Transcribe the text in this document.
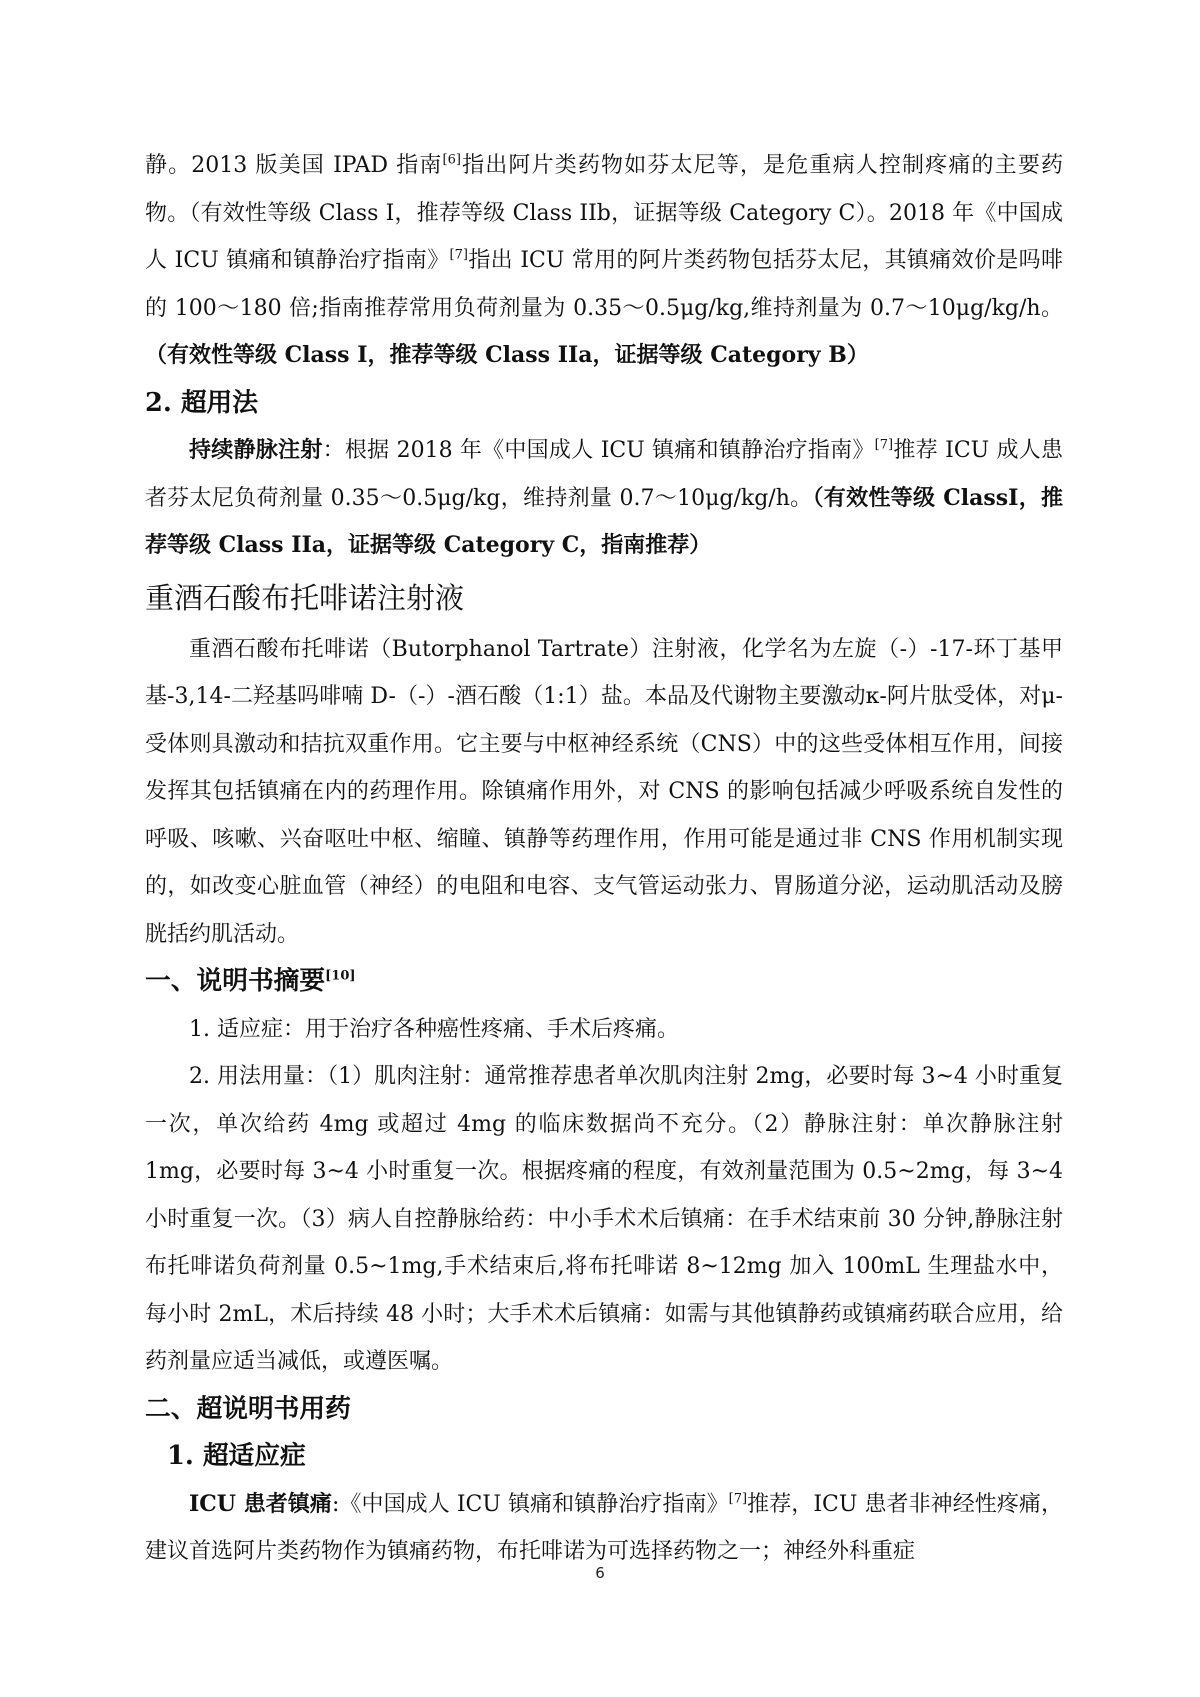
静。2013 版美国 IPAD 指南[6]指出阿片类药物如芬太尼等，是危重病人控制疼痛的主要药物。（有效性等级 Class I，推荐等级 Class IIb，证据等级 Category C）。2018 年《中国成人 ICU 镇痛和镇静治疗指南》[7]指出 ICU 常用的阿片类药物包括芬太尼，其镇痛效价是吗啡的 100～180 倍;指南推荐常用负荷剂量为 0.35～0.5μg/kg,维持剂量为 0.7～10μg/kg/h。（有效性等级 Class I，推荐等级 Class IIa，证据等级 Category B）

2. 超用法

持续静脉注射：根据 2018 年《中国成人 ICU 镇痛和镇静治疗指南》[7]推荐 ICU 成人患者芬太尼负荷剂量 0.35～0.5μg/kg，维持剂量 0.7～10μg/kg/h。（有效性等级 ClassI，推荐等级 Class IIa，证据等级 Category C，指南推荐）

重酒石酸布托啡诺注射液

重酒石酸布托啡诺（Butorphanol Tartrate）注射液，化学名为左旋（-）-17-环丁基甲基-3,14-二羟基吗啡喃 D-（-）-酒石酸（1:1）盐。本品及代谢物主要激动κ-阿片肽受体，对μ-受体则具激动和拮抗双重作用。它主要与中枢神经系统（CNS）中的这些受体相互作用，间接发挥其包括镇痛在内的药理作用。除镇痛作用外，对 CNS 的影响包括减少呼吸系统自发性的呼吸、咳嗽、兴奋呕吐中枢、缩瞳、镇静等药理作用，作用可能是通过非 CNS 作用机制实现的，如改变心脏血管（神经）的电阻和电容、支气管运动张力、胃肠道分泌，运动肌活动及膀胱括约肌活动。

一、说明书摘要[10]

1. 适应症：用于治疗各种癌性疼痛、手术后疼痛。

2. 用法用量：（1）肌肉注射：通常推荐患者单次肌肉注射 2mg，必要时每 3~4 小时重复一次，单次给药 4mg 或超过 4mg 的临床数据尚不充分。（2）静脉注射：单次静脉注射 1mg，必要时每 3~4 小时重复一次。根据疼痛的程度，有效剂量范围为 0.5~2mg，每 3~4 小时重复一次。（3）病人自控静脉给药：中小手术术后镇痛：在手术结束前 30 分钟,静脉注射布托啡诺负荷剂量 0.5~1mg,手术结束后,将布托啡诺 8~12mg 加入 100mL 生理盐水中，每小时 2mL，术后持续 48 小时；大手术术后镇痛：如需与其他镇静药或镇痛药联合应用，给药剂量应适当减低，或遵医嘱。

二、超说明书用药
1. 超适应症

ICU 患者镇痛:《中国成人 ICU 镇痛和镇静治疗指南》[7]推荐，ICU 患者非神经性疼痛，建议首选阿片类药物作为镇痛药物，布托啡诺为可选择药物之一；神经外科重症

6
